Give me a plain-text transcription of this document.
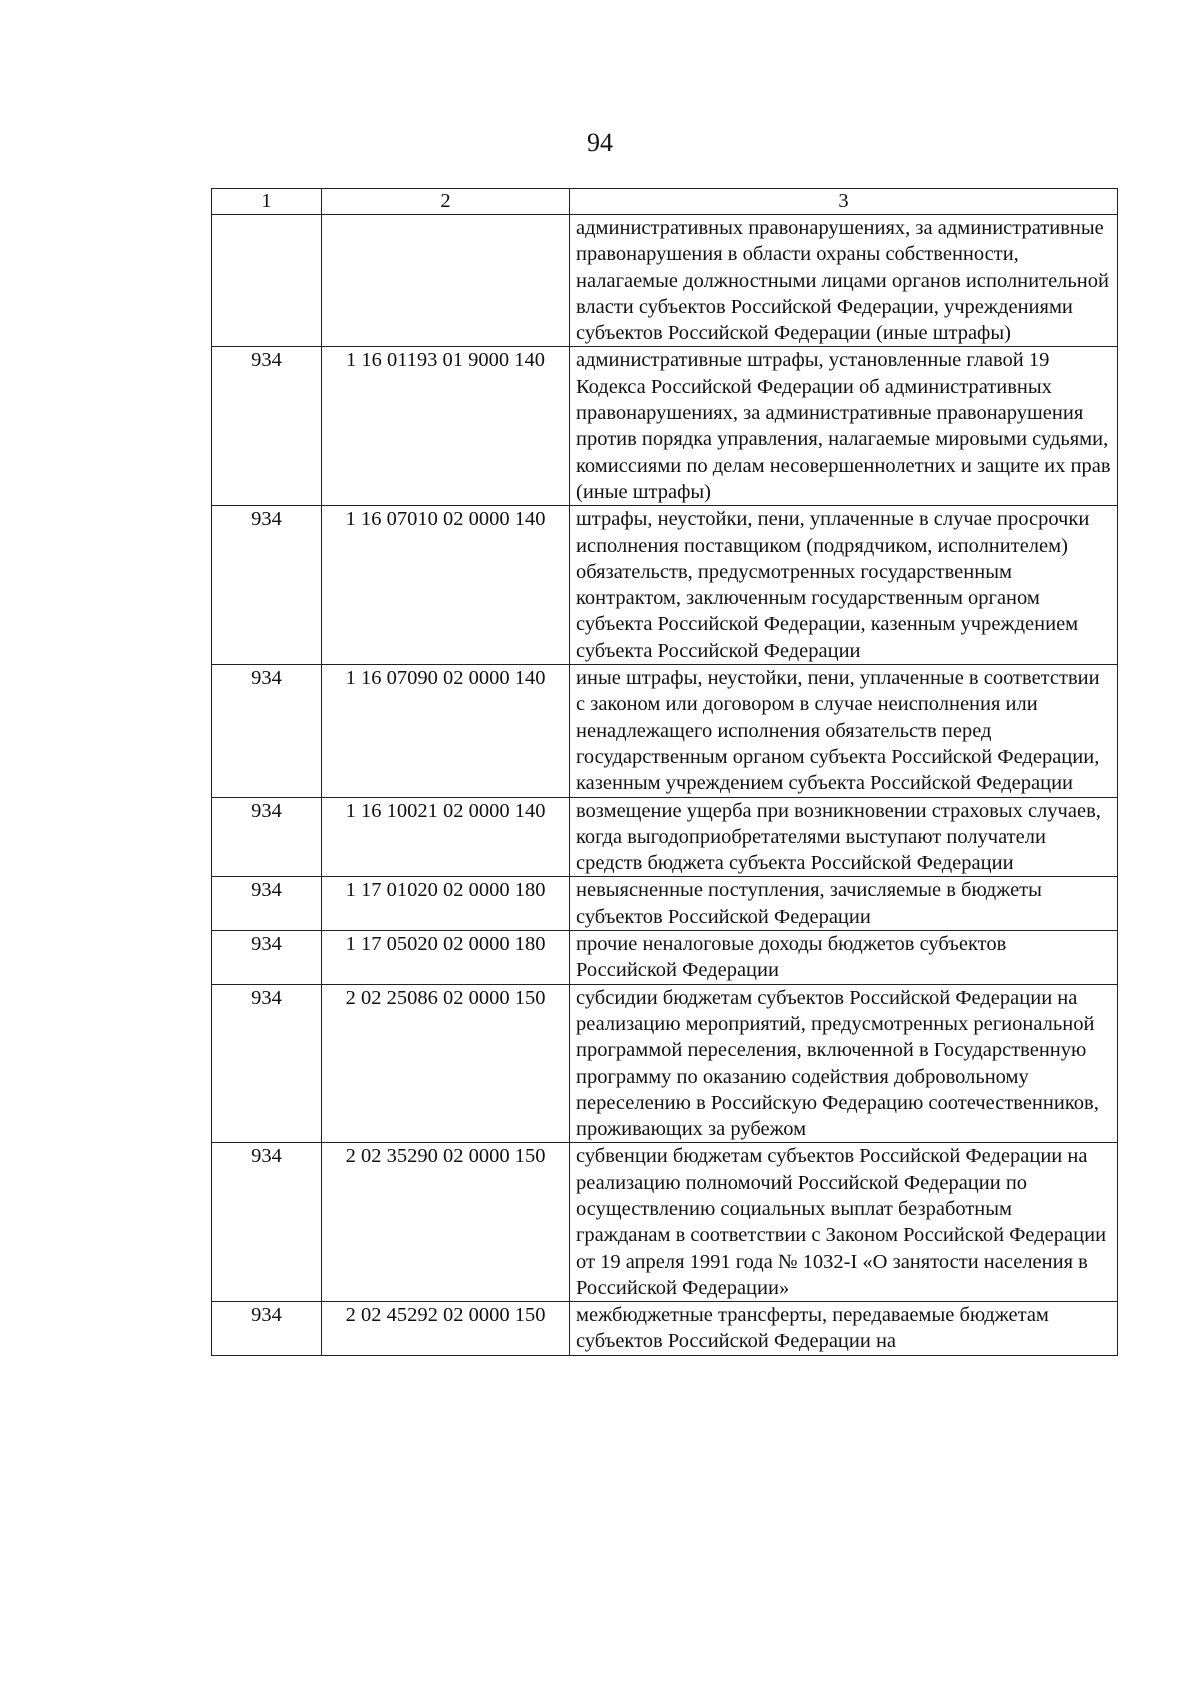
94
1	2	3
		административных правонарушениях, за административные правонарушения в области охраны собственности, налагаемые должностными лицами органов исполнительной власти субъектов Российской Федерации, учреждениями субъектов Российской Федерации (иные штрафы)
934	1 16 01193 01 9000 140	административные штрафы, установленные главой 19 Кодекса Российской Федерации об административных правонарушениях, за административные правонарушения против порядка управления, налагаемые мировыми судьями, комиссиями по делам несовершеннолетних и защите их прав (иные штрафы)
934	1 16 07010 02 0000 140	штрафы, неустойки, пени, уплаченные в случае просрочки исполнения поставщиком (подрядчиком, исполнителем) обязательств, предусмотренных государственным контрактом, заключенным государственным органом субъекта Российской Федерации, казенным учреждением субъекта Российской Федерации
934	1 16 07090 02 0000 140	иные штрафы, неустойки, пени, уплаченные в соответствии с законом или договором в случае неисполнения или ненадлежащего исполнения обязательств перед государственным органом субъекта Российской Федерации, казенным учреждением субъекта Российской Федерации
934	1 16 10021 02 0000 140	возмещение ущерба при возникновении страховых случаев, когда выгодоприобретателями выступают получатели средств бюджета субъекта Российской Федерации
934	1 17 01020 02 0000 180	невыясненные поступления, зачисляемые в бюджеты субъектов Российской Федерации
934	1 17 05020 02 0000 180	прочие неналоговые доходы бюджетов субъектов Российской Федерации
934	2 02 25086 02 0000 150	субсидии бюджетам субъектов Российской Федерации на реализацию мероприятий, предусмотренных региональной программой переселения, включенной в Государственную программу по оказанию содействия добровольному переселению в Российскую Федерацию соотечественников, проживающих за рубежом
934	2 02 35290 02 0000 150	субвенции бюджетам субъектов Российской Федерации на реализацию полномочий Российской Федерации по осуществлению социальных выплат безработным гражданам в соответствии с Законом Российской Федерации от 19 апреля 1991 года № 1032-I «О занятости населения в Российской Федерации»
934	2 02 45292 02 0000 150	межбюджетные трансферты, передаваемые бюджетам субъектов Российской Федерации на
